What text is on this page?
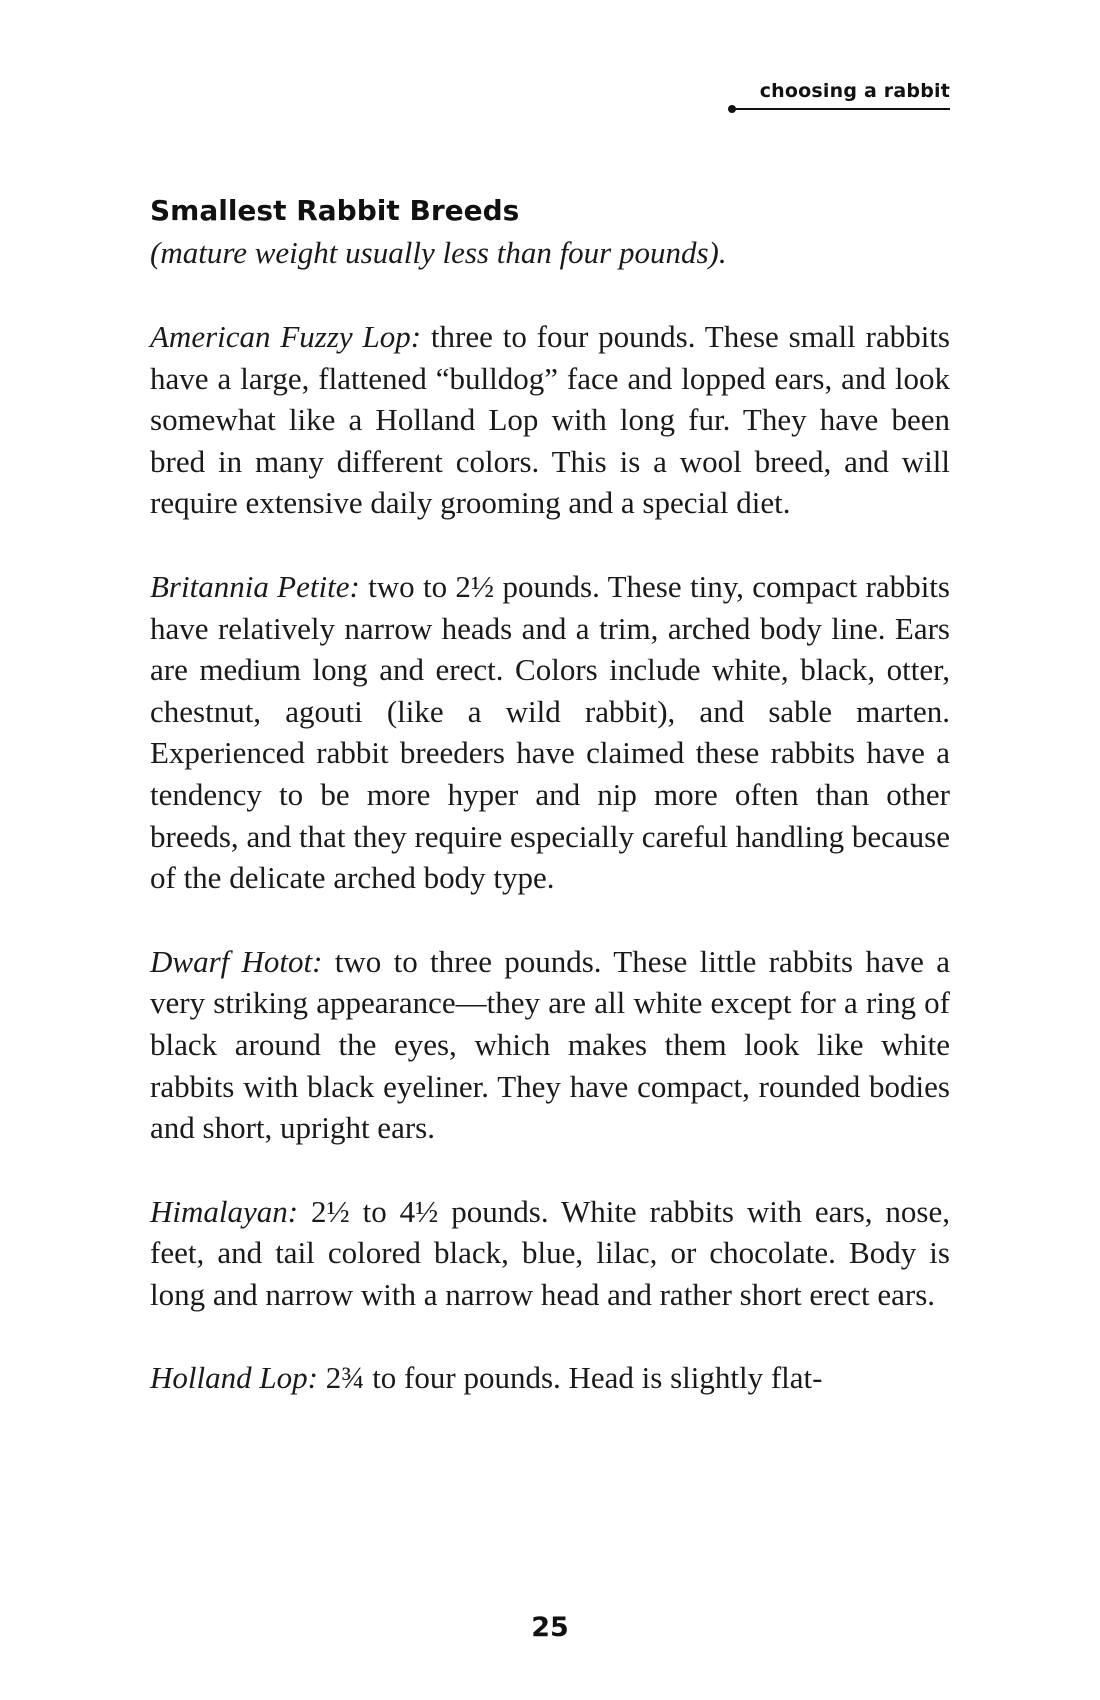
choosing a rabbit
Smallest Rabbit Breeds

(mature weight usually less than four pounds).

American Fuzzy Lop: three to four pounds. These small rabbits have a large, flattened “bulldog” face and lopped ears, and look somewhat like a Holland Lop with long fur. They have been bred in many different colors. This is a wool breed, and will require extensive daily grooming and a special diet.

Britannia Petite: two to 2½ pounds. These tiny, compact rabbits have relatively narrow heads and a trim, arched body line. Ears are medium long and erect. Colors include white, black, otter, chestnut, agouti (like a wild rabbit), and sable marten. Experienced rabbit breeders have claimed these rabbits have a tendency to be more hyper and nip more often than other breeds, and that they require especially careful handling because of the delicate arched body type.

Dwarf Hotot: two to three pounds. These little rabbits have a very striking appearance—they are all white except for a ring of black around the eyes, which makes them look like white rabbits with black eyeliner. They have compact, rounded bodies and short, upright ears.

Himalayan: 2½ to 4½ pounds. White rabbits with ears, nose, feet, and tail colored black, blue, lilac, or chocolate. Body is long and narrow with a narrow head and rather short erect ears.

Holland Lop: 2¾ to four pounds. Head is slightly flat-

25
